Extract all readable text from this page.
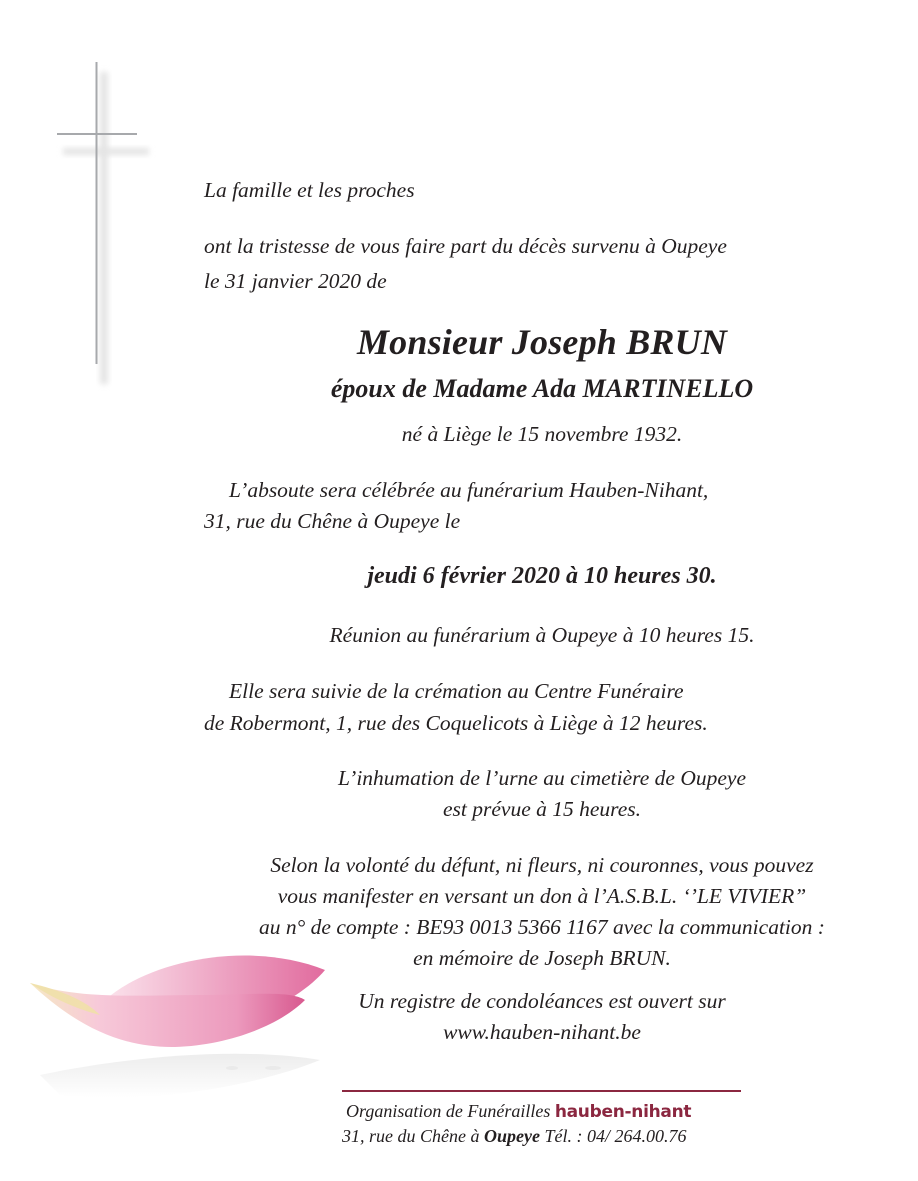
La famille et les proches
ont la tristesse de vous faire part du décès survenu à Oupeye
le 31 janvier 2020 de
Monsieur Joseph BRUN
époux de Madame Ada MARTINELLO
né à Liège le 15 novembre 1932.
L’absoute sera célébrée au funérarium Hauben-Nihant,
31, rue du Chêne à Oupeye le
jeudi 6 février 2020 à 10 heures 30.
Réunion au funérarium à Oupeye à 10 heures 15.
Elle sera suivie de la crémation au Centre Funéraire
de Robermont, 1, rue des Coquelicots à Liège à 12 heures.
L’inhumation de l’urne au cimetière de Oupeye
est prévue à 15 heures.
Selon la volonté du défunt, ni fleurs, ni couronnes, vous pouvez
vous manifester en versant un don à l’A.S.B.L. ‘’LE VIVIER”
au n° de compte : BE93 0013 5366 1167 avec la communication :
en mémoire de Joseph BRUN.
Un registre de condoléances est ouvert sur
www.hauben-nihant.be
Organisation de Funérailles hauben-nihant
31, rue du Chêne à Oupeye Tél. : 04/ 264.00.76
